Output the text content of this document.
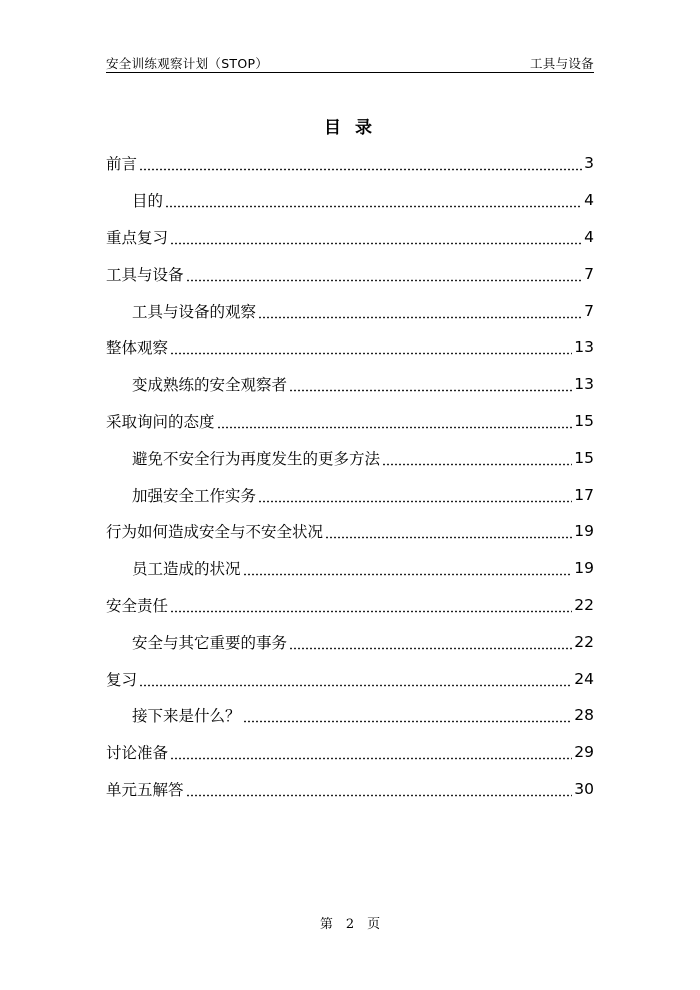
安全训练观察计划（STOP）	工具与设备
目 录
前言	3
目的	4
重点复习	4
工具与设备	7
工具与设备的观察	7
整体观察	13
变成熟练的安全观察者	13
采取询问的态度	15
避免不安全行为再度发生的更多方法	15
加强安全工作实务	17
行为如何造成安全与不安全状况	19
员工造成的状况	19
安全责任	22
安全与其它重要的事务	22
复习	24
接下来是什么？	28
讨论准备	29
单元五解答	30
第　2　页
